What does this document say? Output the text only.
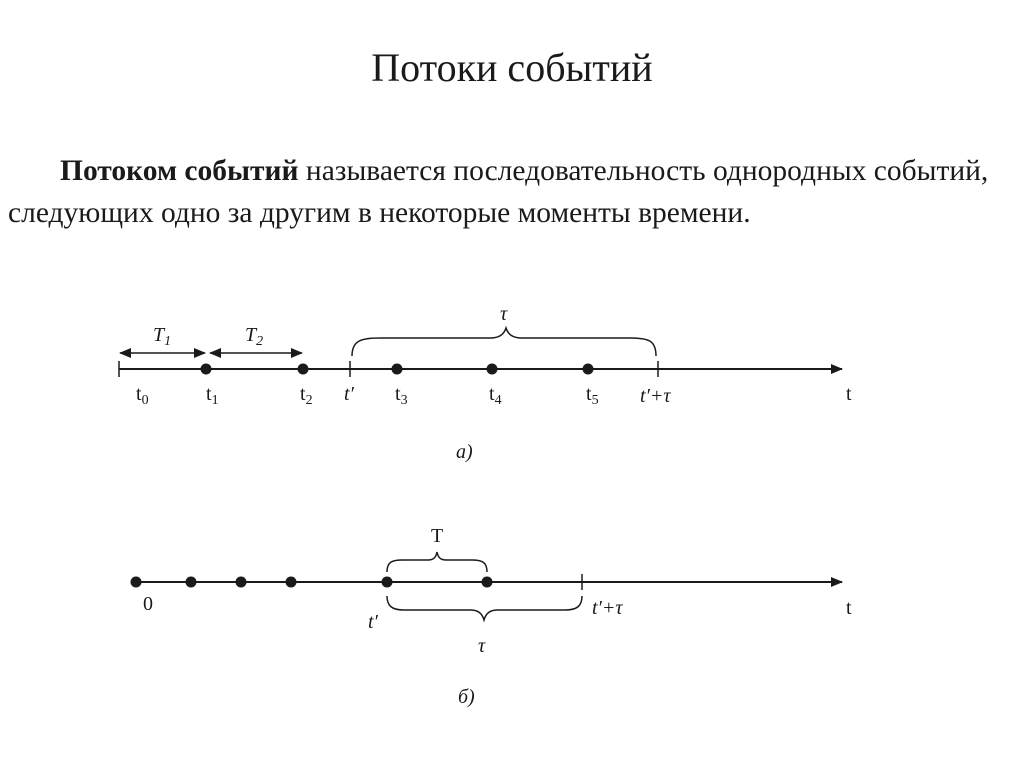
Потоки событий

Потоком событий называется последовательность однородных событий, следующих одно за другим в некоторые моменты времени.

$T_1$	$T_2$
τ
$t_0$	$t_1$	$t_2$	$t_3$	$t_4$	$t_5$
t′	t′+τ	t
а)
T
τ
0
t′
t′+τ	t
б)
